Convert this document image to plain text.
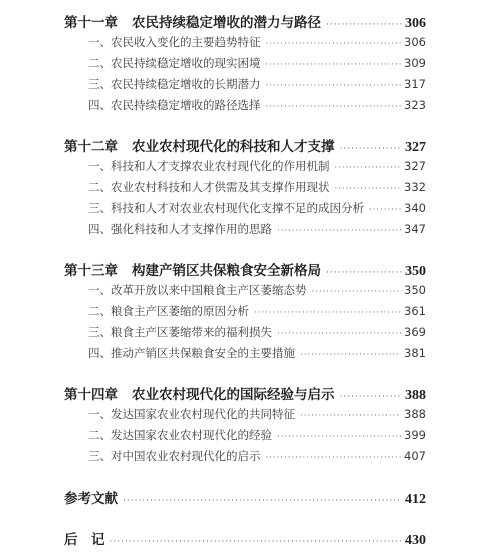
第十一章 农民持续稳定增收的潜力与路径 ·····	306
一、农民收入变化的主要趋势特征 ·····	306
二、农民持续稳定增收的现实困境 ·····	309
三、农民持续稳定增收的长期潜力 ·····	317
四、农民持续稳定增收的路径选择 ·····	323
第十二章 农业农村现代化的科技和人才支撑 ·····	327
一、科技和人才支撑农业农村现代化的作用机制 ·····	327
二、农业农村科技和人才供需及其支撑作用现状 ·····	332
三、科技和人才对农业农村现代化支撑不足的成因分析 ·····	340
四、强化科技和人才支撑作用的思路 ·····	347
第十三章 构建产销区共保粮食安全新格局 ·····	350
一、改革开放以来中国粮食主产区萎缩态势 ·····	350
二、粮食主产区萎缩的原因分析 ·····	361
三、粮食主产区萎缩带来的福利损失 ·····	369
四、推动产销区共保粮食安全的主要措施 ·····	381
第十四章 农业农村现代化的国际经验与启示 ·····	388
一、发达国家农业农村现代化的共同特征 ·····	388
二、发达国家农业农村现代化的经验 ·····	399
三、对中国农业农村现代化的启示 ·····	407
参考文献 ·····	412
后　记 ·····	430
